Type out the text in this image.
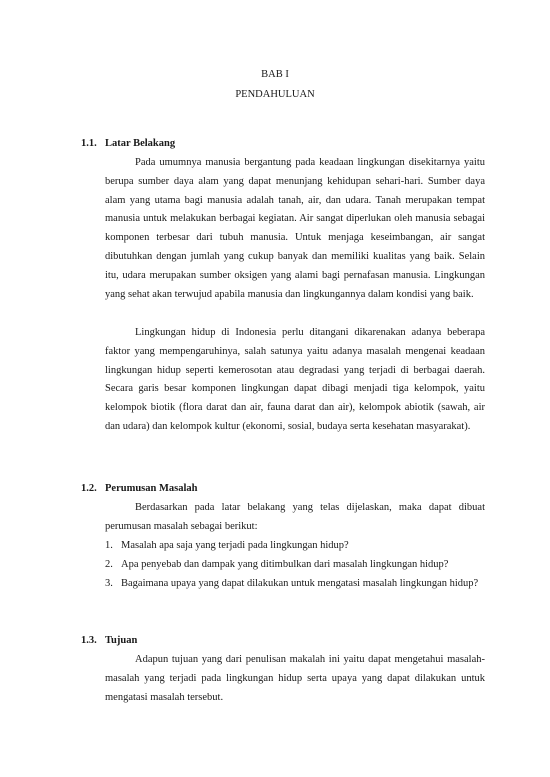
BAB I
PENDAHULUAN
1.1. Latar Belakang

Pada umumnya manusia bergantung pada keadaan lingkungan disekitarnya yaitu berupa sumber daya alam yang dapat menunjang kehidupan sehari-hari. Sumber daya alam yang utama bagi manusia adalah tanah, air, dan udara. Tanah merupakan tempat manusia untuk melakukan berbagai kegiatan. Air sangat diperlukan oleh manusia sebagai komponen terbesar dari tubuh manusia. Untuk menjaga keseimbangan, air sangat dibutuhkan dengan jumlah yang cukup banyak dan memiliki kualitas yang baik. Selain itu, udara merupakan sumber oksigen yang alami bagi pernafasan manusia. Lingkungan yang sehat akan terwujud apabila manusia dan lingkungannya dalam kondisi yang baik.

Lingkungan hidup di Indonesia perlu ditangani dikarenakan adanya beberapa faktor yang mempengaruhinya, salah satunya yaitu adanya masalah mengenai keadaan lingkungan hidup seperti kemerosotan atau degradasi yang terjadi di berbagai daerah. Secara garis besar komponen lingkungan dapat dibagi menjadi tiga kelompok, yaitu kelompok biotik (flora darat dan air, fauna darat dan air), kelompok abiotik (sawah, air dan udara) dan kelompok kultur (ekonomi, sosial, budaya serta kesehatan masyarakat).

1.2. Perumusan Masalah

Berdasarkan pada latar belakang yang telas dijelaskan, maka dapat dibuat perumusan masalah sebagai berikut:

1. Masalah apa saja yang terjadi pada lingkungan hidup?
2. Apa penyebab dan dampak yang ditimbulkan dari masalah lingkungan hidup?
3. Bagaimana upaya yang dapat dilakukan untuk mengatasi masalah lingkungan hidup?
1.3. Tujuan

Adapun tujuan yang dari penulisan makalah ini yaitu dapat mengetahui masalah-masalah yang terjadi pada lingkungan hidup serta upaya yang dapat dilakukan untuk mengatasi masalah tersebut.
